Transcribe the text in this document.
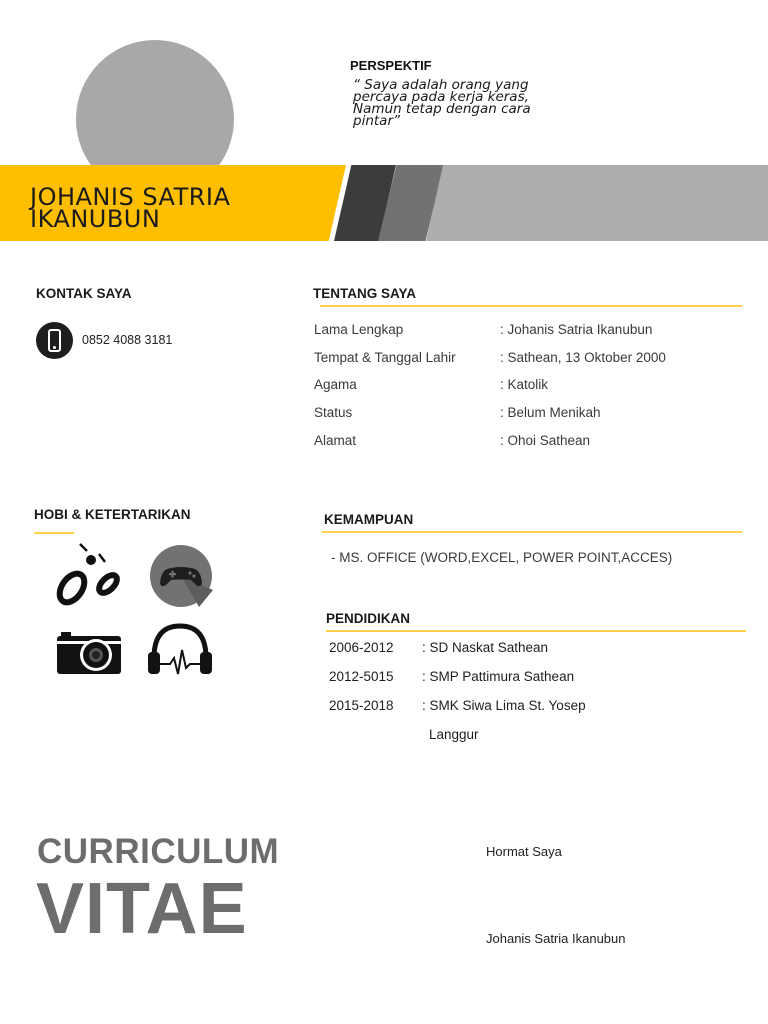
JOHANIS SATRIA
IKANUBUN
PERSPEKTIF
“ Saya adalah orang yang
percaya pada kerja keras,
Namun tetap dengan cara
pintar”
KONTAK SAYA
0852 4088 3181
TENTANG SAYA
Lama Lengkap	: Johanis Satria Ikanubun
Tempat & Tanggal Lahir	: Sathean, 13 Oktober 2000
Agama	: Katolik
Status	: Belum Menikah
Alamat	: Ohoi Sathean
HOBI & KETERTARIKAN	KEMAMPUAN
- MS. OFFICE (WORD,EXCEL, POWER POINT,ACCES)
PENDIDIKAN
2006-2012 : SD Naskat Sathean
2012-5015 : SMP Pattimura Sathean
2015-2018 : SMK Siwa Lima St. Yosep
Langgur
CURRICULUM
VITAE
Hormat Saya
Johanis Satria Ikanubun
